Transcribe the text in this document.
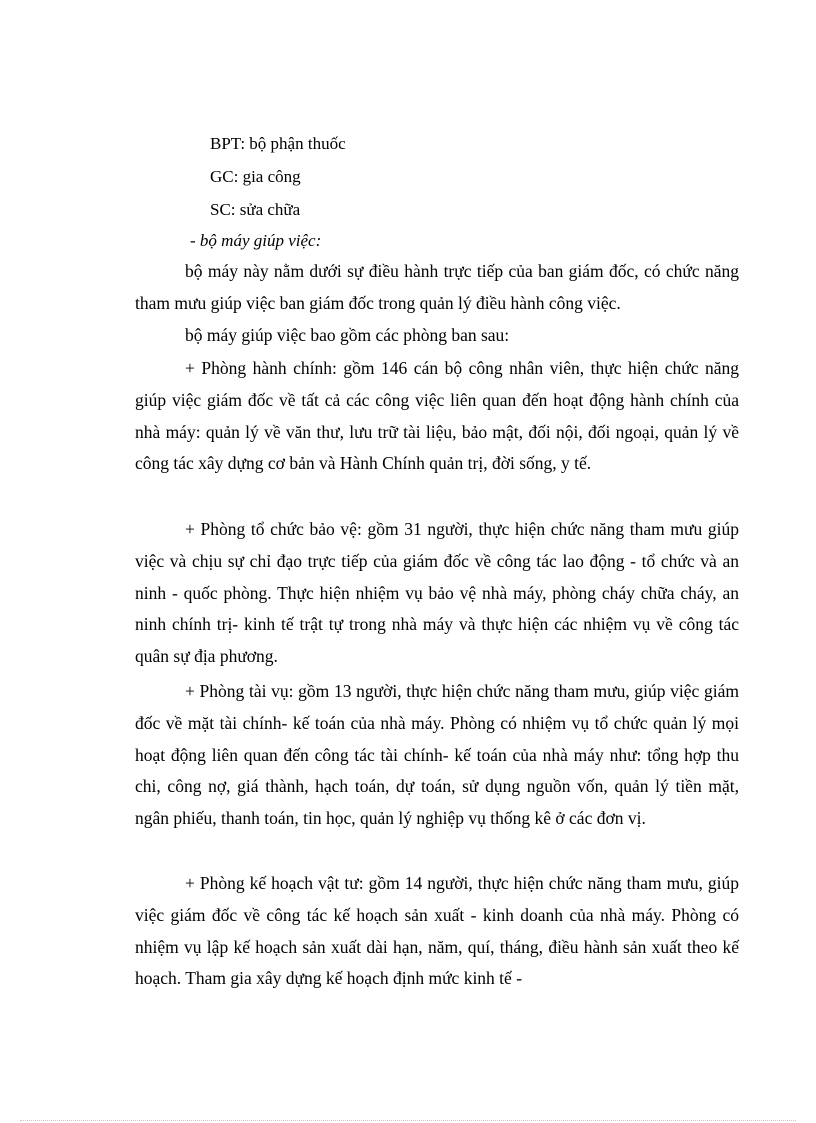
BPT: bộ phận thuốc
GC: gia công
SC: sửa chữa
- bộ máy giúp việc:

bộ máy này nằm dưới sự điều hành trực tiếp của ban giám đốc, có chức năng tham mưu giúp việc ban giám đốc trong quản lý điều hành công việc.

bộ máy giúp việc bao gồm các phòng ban sau:

+ Phòng hành chính: gồm 146 cán bộ công nhân viên, thực hiện chức năng giúp việc giám đốc về tất cả các công việc liên quan đến hoạt động hành chính của nhà máy: quản lý về văn thư, lưu trữ tài liệu, bảo mật, đối nội, đối ngoại, quản lý về công tác xây dựng cơ bản và Hành Chính quản trị, đời sống, y tế.

+ Phòng tổ chức bảo vệ: gồm 31 người, thực hiện chức năng tham mưu giúp việc và chịu sự chỉ đạo trực tiếp của giám đốc về công tác lao động - tổ chức và an ninh - quốc phòng. Thực hiện nhiệm vụ bảo vệ nhà máy, phòng cháy chữa cháy, an ninh chính trị- kinh tế trật tự trong nhà máy và thực hiện các nhiệm vụ về công tác quân sự địa phương.

+ Phòng tài vụ: gồm 13 người, thực hiện chức năng tham mưu, giúp việc giám đốc về mặt tài chính- kế toán của nhà máy. Phòng có nhiệm vụ tổ chức quản lý mọi hoạt động liên quan đến công tác tài chính- kế toán của nhà máy như: tổng hợp thu chi, công nợ, giá thành, hạch toán, dự toán, sử dụng nguồn vốn, quản lý tiền mặt, ngân phiếu, thanh toán, tin học, quản lý nghiệp vụ thống kê ở các đơn vị.

+ Phòng kế hoạch vật tư: gồm 14 người, thực hiện chức năng tham mưu, giúp việc giám đốc về công tác kế hoạch sản xuất - kinh doanh của nhà máy. Phòng có nhiệm vụ lập kế hoạch sản xuất dài hạn, năm, quí, tháng, điều hành sản xuất theo kế hoạch. Tham gia xây dựng kế hoạch định mức kinh tế -
